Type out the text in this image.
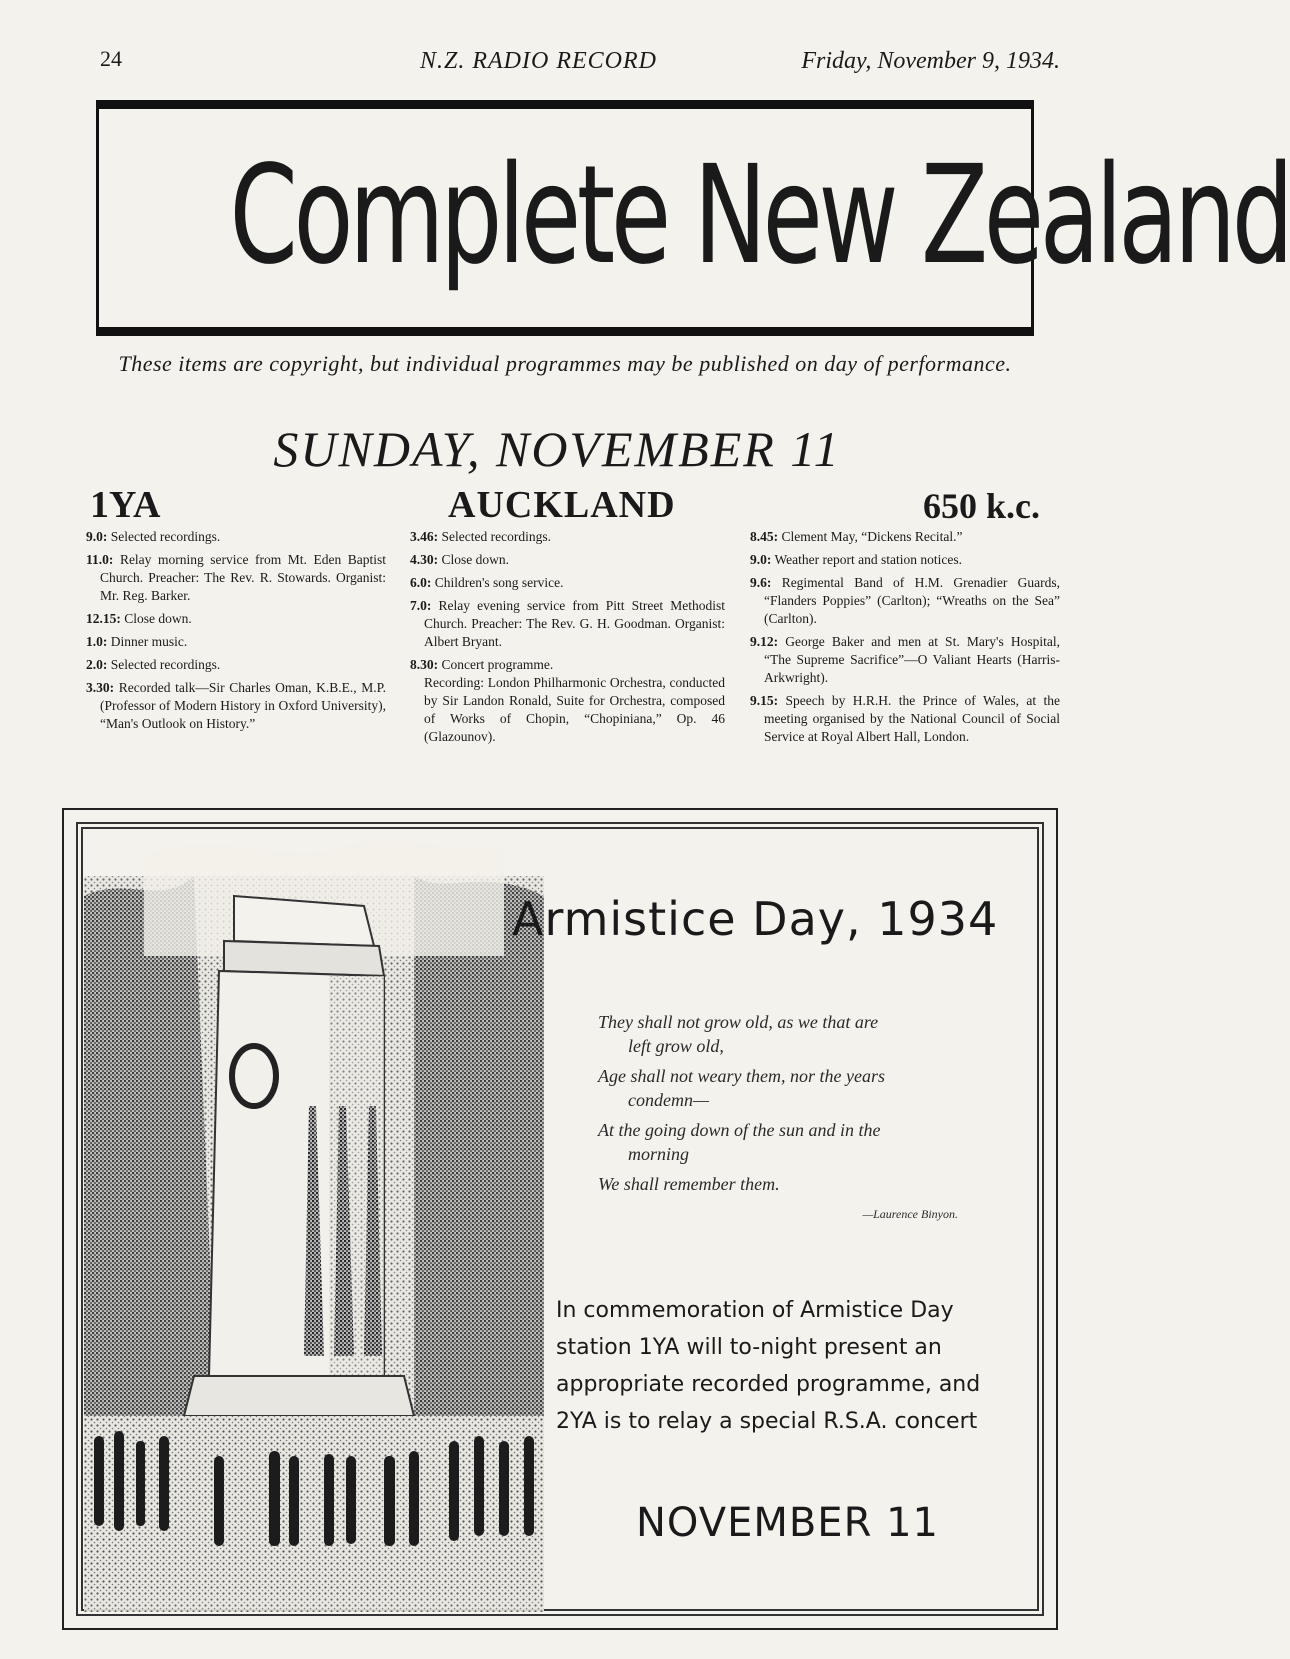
24	N.Z. RADIO RECORD	Friday, November 9, 1934.
Complete New Zealand
These items are copyright, but individual programmes may be published on day of performance.
SUNDAY, NOVEMBER 11
1YA	AUCKLAND	650 k.c.

9.0: Selected recordings.

11.0: Relay morning service from Mt. Eden Baptist Church. Preacher: The Rev. R. Stowards. Organist: Mr. Reg. Barker.

12.15: Close down.

1.0: Dinner music.

2.0: Selected recordings.

3.30: Recorded talk—Sir Charles Oman, K.B.E., M.P. (Professor of Modern History in Oxford University), “Man's Outlook on History.”

3.46: Selected recordings.

4.30: Close down.

6.0: Children's song service.

7.0: Relay evening service from Pitt Street Methodist Church. Preacher: The Rev. G. H. Goodman. Organist: Albert Bryant.

8.30: Concert programme.

Recording: London Philharmonic Orchestra, conducted by Sir Landon Ronald, Suite for Orchestra, composed of Works of Chopin, “Chopiniana,” Op. 46 (Glazounov).

8.45: Clement May, “Dickens Recital.”

9.0: Weather report and station notices.

9.6: Regimental Band of H.M. Grenadier Guards, “Flanders Poppies” (Carlton); “Wreaths on the Sea” (Carlton).

9.12: George Baker and men at St. Mary's Hospital, “The Supreme Sacrifice”—O Valiant Hearts (Harris-Arkwright).

9.15: Speech by H.R.H. the Prince of Wales, at the meeting organised by the National Council of Social Service at Royal Albert Hall, London.

Armistice Day, 1934

They shall not grow old, as we that are
left grow old,

Age shall not weary them, nor the years
condemn—

At the going down of the sun and in the
morning

We shall remember them.

—Laurence Binyon.
In commemoration of Armistice Day station 1YA will to-night present an appropriate recorded programme, and 2YA is to relay a special R.S.A. concert
NOVEMBER 11
